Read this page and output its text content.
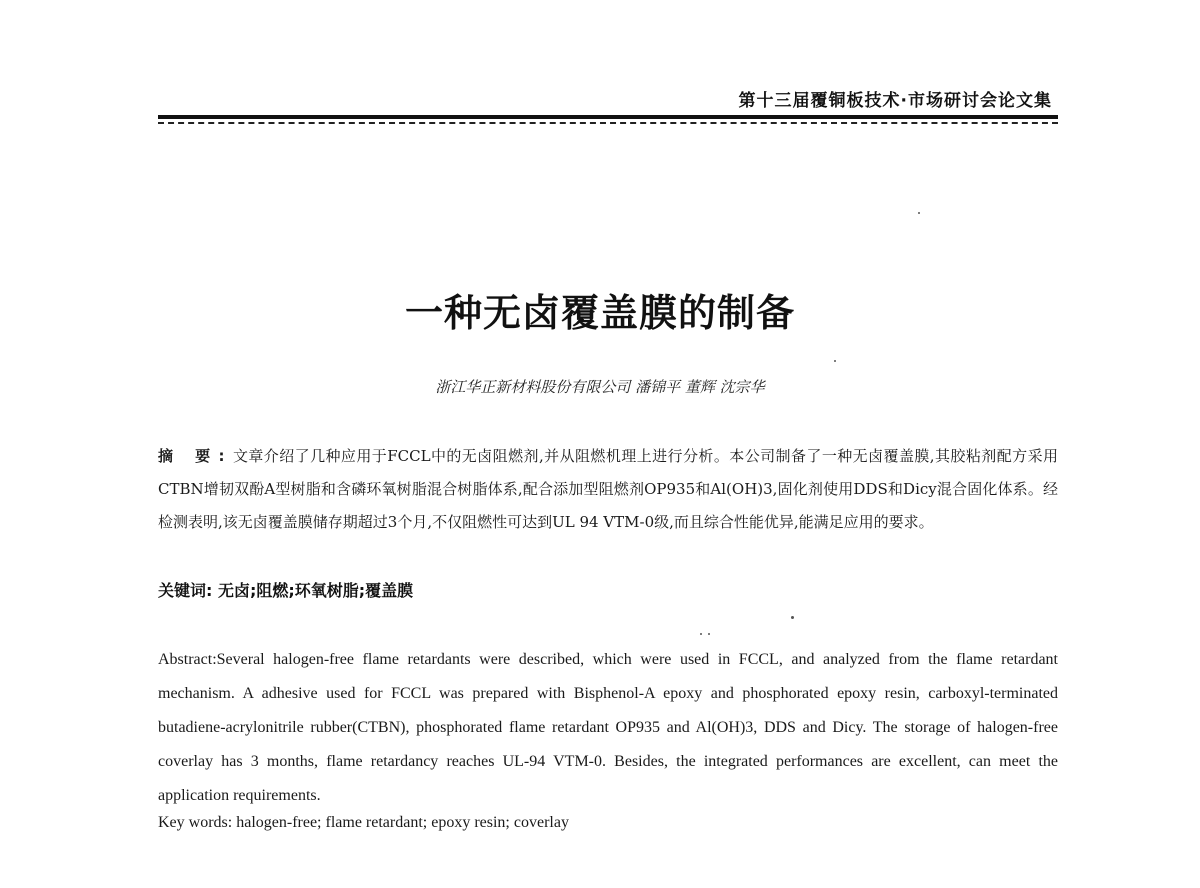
第十三届覆铜板技术·市场研讨会论文集
一种无卤覆盖膜的制备
浙江华正新材料股份有限公司 潘锦平 董辉 沈宗华
摘 要:文章介绍了几种应用于FCCL中的无卤阻燃剂,并从阻燃机理上进行分析。本公司制备了一种无卤覆盖膜,其胶粘剂配方采用CTBN增韧双酚A型树脂和含磷环氧树脂混合树脂体系,配合添加型阻燃剂OP935和Al(OH)3,固化剂使用DDS和Dicy混合固化体系。经检测表明,该无卤覆盖膜储存期超过3个月,不仅阻燃性可达到UL 94 VTM-0级,而且综合性能优异,能满足应用的要求。
关键词: 无卤;阻燃;环氧树脂;覆盖膜
Abstract:Several halogen-free flame retardants were described, which were used in FCCL, and analyzed from the flame retardant mechanism. A adhesive used for FCCL was prepared with Bisphenol-A epoxy and phosphorated epoxy resin, carboxyl-terminated butadiene-acrylonitrile rubber(CTBN), phosphorated flame retardant OP935 and Al(OH)3, DDS and Dicy. The storage of halogen-free coverlay has 3 months, flame retardancy reaches UL-94 VTM-0. Besides, the integrated performances are excellent, can meet the application requirements.
Key words: halogen-free; flame retardant; epoxy resin; coverlay
